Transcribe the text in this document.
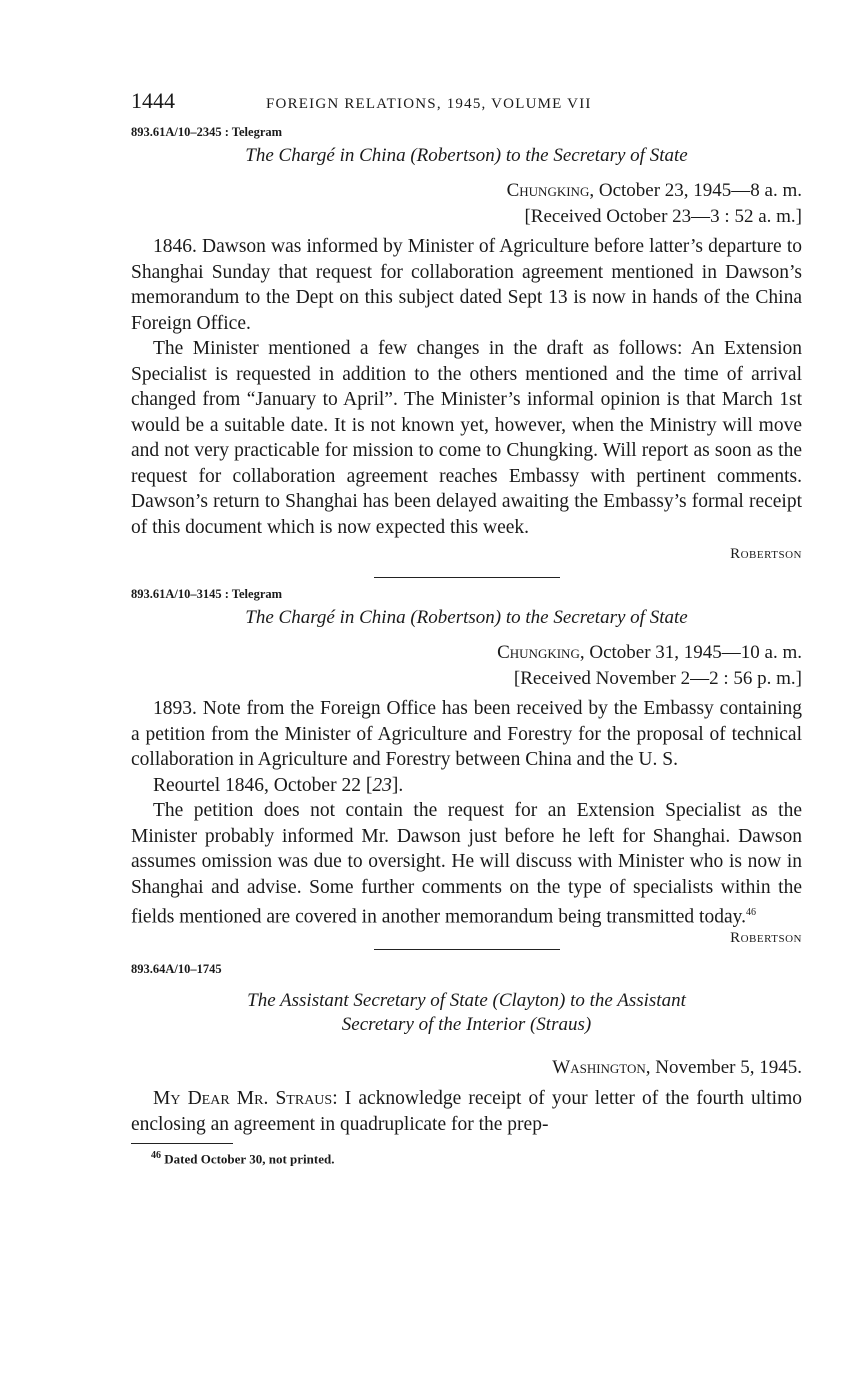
1444	FOREIGN RELATIONS, 1945, VOLUME VII
893.61A/10–2345 : Telegram
The Chargé in China (Robertson) to the Secretary of State
Chungking, October 23, 1945—8 a. m.
[Received October 23—3 : 52 a. m.]

1846. Dawson was informed by Minister of Agriculture before latter’s departure to Shanghai Sunday that request for collaboration agreement mentioned in Dawson’s memorandum to the Dept on this subject dated Sept 13 is now in hands of the China Foreign Office.

The Minister mentioned a few changes in the draft as follows: An Extension Specialist is requested in addition to the others mentioned and the time of arrival changed from “January to April”. The Minister’s informal opinion is that March 1st would be a suitable date. It is not known yet, however, when the Ministry will move and not very practicable for mission to come to Chungking. Will report as soon as the request for collaboration agreement reaches Embassy with pertinent comments. Dawson’s return to Shanghai has been delayed awaiting the Embassy’s formal receipt of this document which is now expected this week.

Robertson
893.61A/10–3145 : Telegram
The Chargé in China (Robertson) to the Secretary of State
Chungking, October 31, 1945—10 a. m.
[Received November 2—2 : 56 p. m.]

1893. Note from the Foreign Office has been received by the Embassy containing a petition from the Minister of Agriculture and Forestry for the proposal of technical collaboration in Agriculture and Forestry between China and the U. S.

Reourtel 1846, October 22 [23].

The petition does not contain the request for an Extension Specialist as the Minister probably informed Mr. Dawson just before he left for Shanghai. Dawson assumes omission was due to oversight. He will discuss with Minister who is now in Shanghai and advise. Some further comments on the type of specialists within the fields mentioned are covered in another memorandum being transmitted today.$^{46}$

Robertson
893.64A/10–1745
The Assistant Secretary of State (Clayton) to the Assistant
Secretary of the Interior (Straus)
Washington, November 5, 1945.

My Dear Mr. Straus: I acknowledge receipt of your letter of the fourth ultimo enclosing an agreement in quadruplicate for the prep-

$^{46}$ Dated October 30, not printed.
